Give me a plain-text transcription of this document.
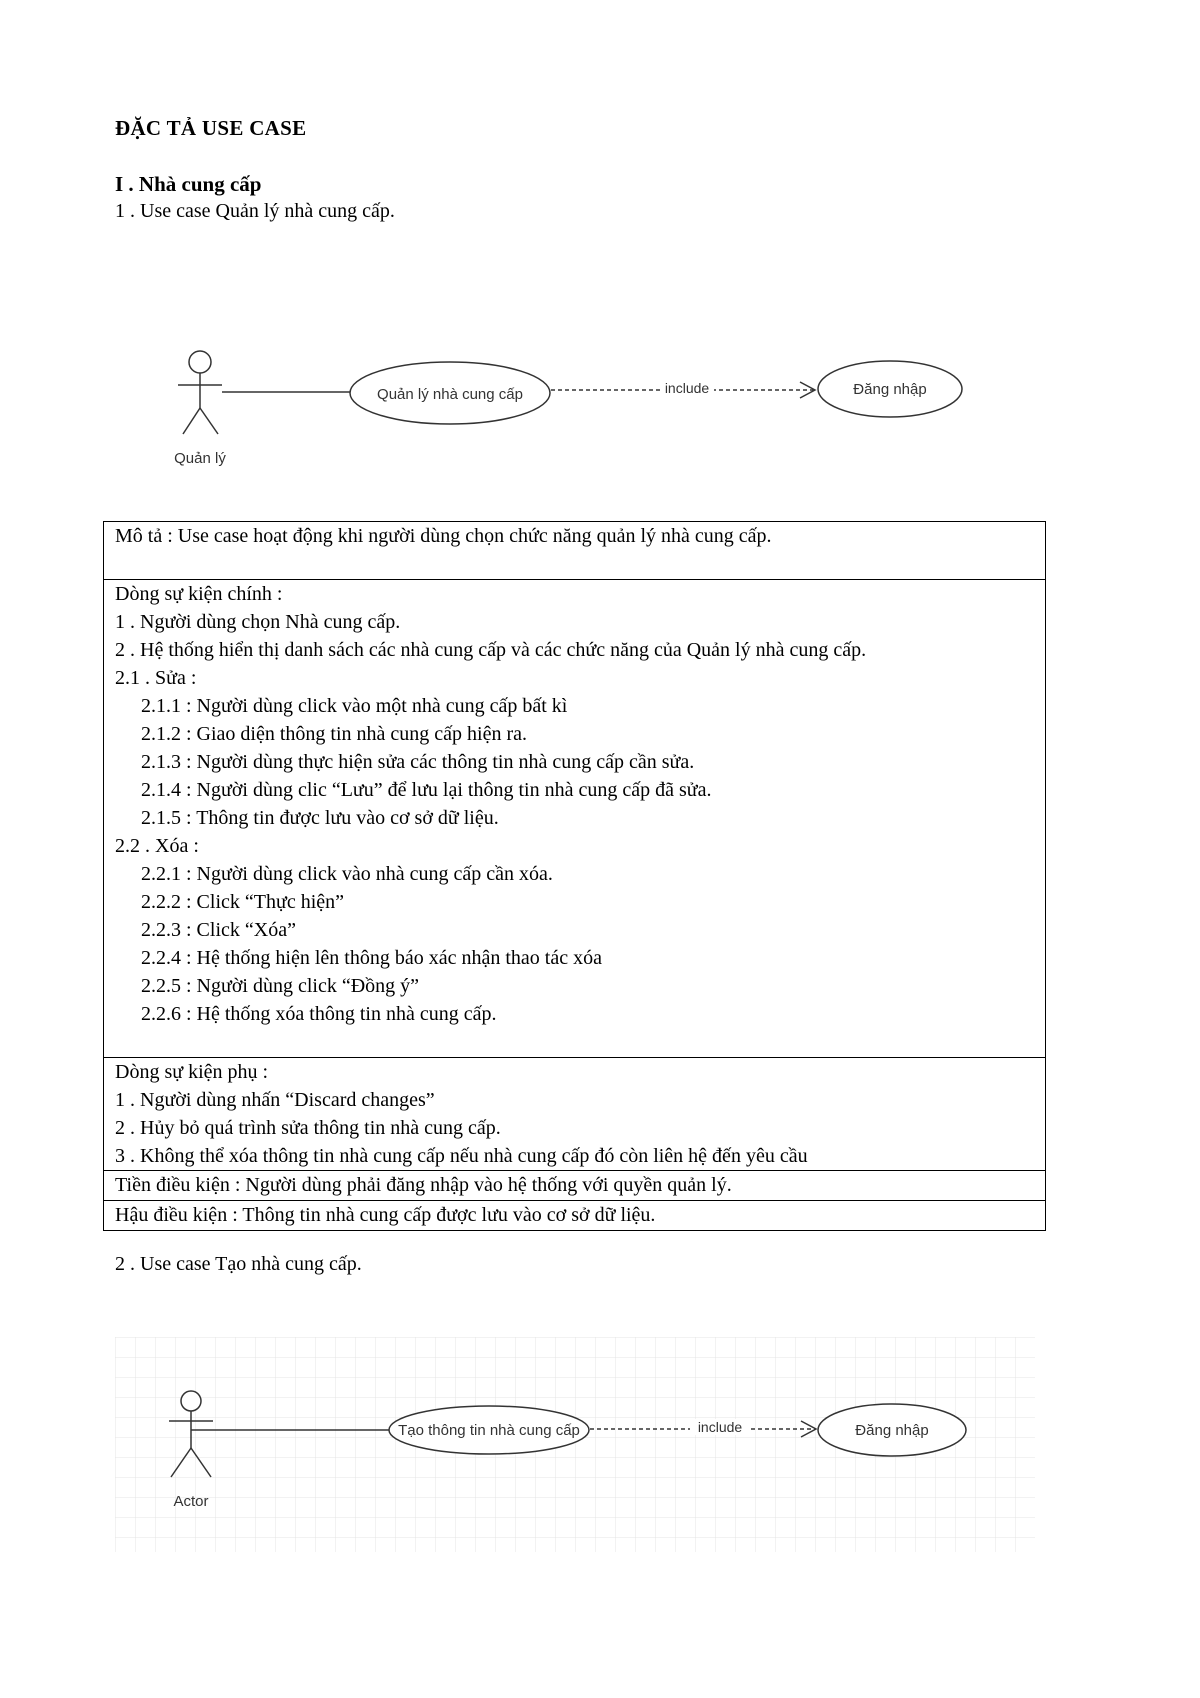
ĐẶC TẢ USE CASE
I . Nhà cung cấp
1 . Use case Quản lý nhà cung cấp.
Quản lý
Quản lý nhà cung cấp	include	Đăng nhập
Mô tả : Use case hoạt động khi người dùng chọn chức năng quản lý nhà cung cấp.

Dòng sự kiện chính :
1 . Người dùng chọn Nhà cung cấp.
2 . Hệ thống hiển thị danh sách các nhà cung cấp và các chức năng của Quản lý nhà cung cấp.
2.1 . Sửa :
2.1.1 : Người dùng click vào một nhà cung cấp bất kì
2.1.2 : Giao diện thông tin nhà cung cấp hiện ra.
2.1.3 : Người dùng thực hiện sửa các thông tin nhà cung cấp cần sửa.
2.1.4 : Người dùng clic “Lưu” để lưu lại thông tin nhà cung cấp đã sửa.
2.1.5 : Thông tin được lưu vào cơ sở dữ liệu.
2.2 . Xóa :
2.2.1 : Người dùng click vào nhà cung cấp cần xóa.
2.2.2 : Click “Thực hiện”
2.2.3 : Click “Xóa”
2.2.4 : Hệ thống hiện lên thông báo xác nhận thao tác xóa
2.2.5 : Người dùng click “Đồng ý”
2.2.6 : Hệ thống xóa thông tin nhà cung cấp.

Dòng sự kiện phụ :
1 . Người dùng nhấn “Discard changes”
2 . Hủy bỏ quá trình sửa thông tin nhà cung cấp.
3 . Không thể xóa thông tin nhà cung cấp nếu nhà cung cấp đó còn liên hệ đến yêu cầu

Tiền điều kiện : Người dùng phải đăng nhập vào hệ thống với quyền quản lý.

Hậu điều kiện : Thông tin nhà cung cấp được lưu vào cơ sở dữ liệu.
2 . Use case Tạo nhà cung cấp.
Actor
Tạo thông tin nhà cung cấp	include	Đăng nhập
